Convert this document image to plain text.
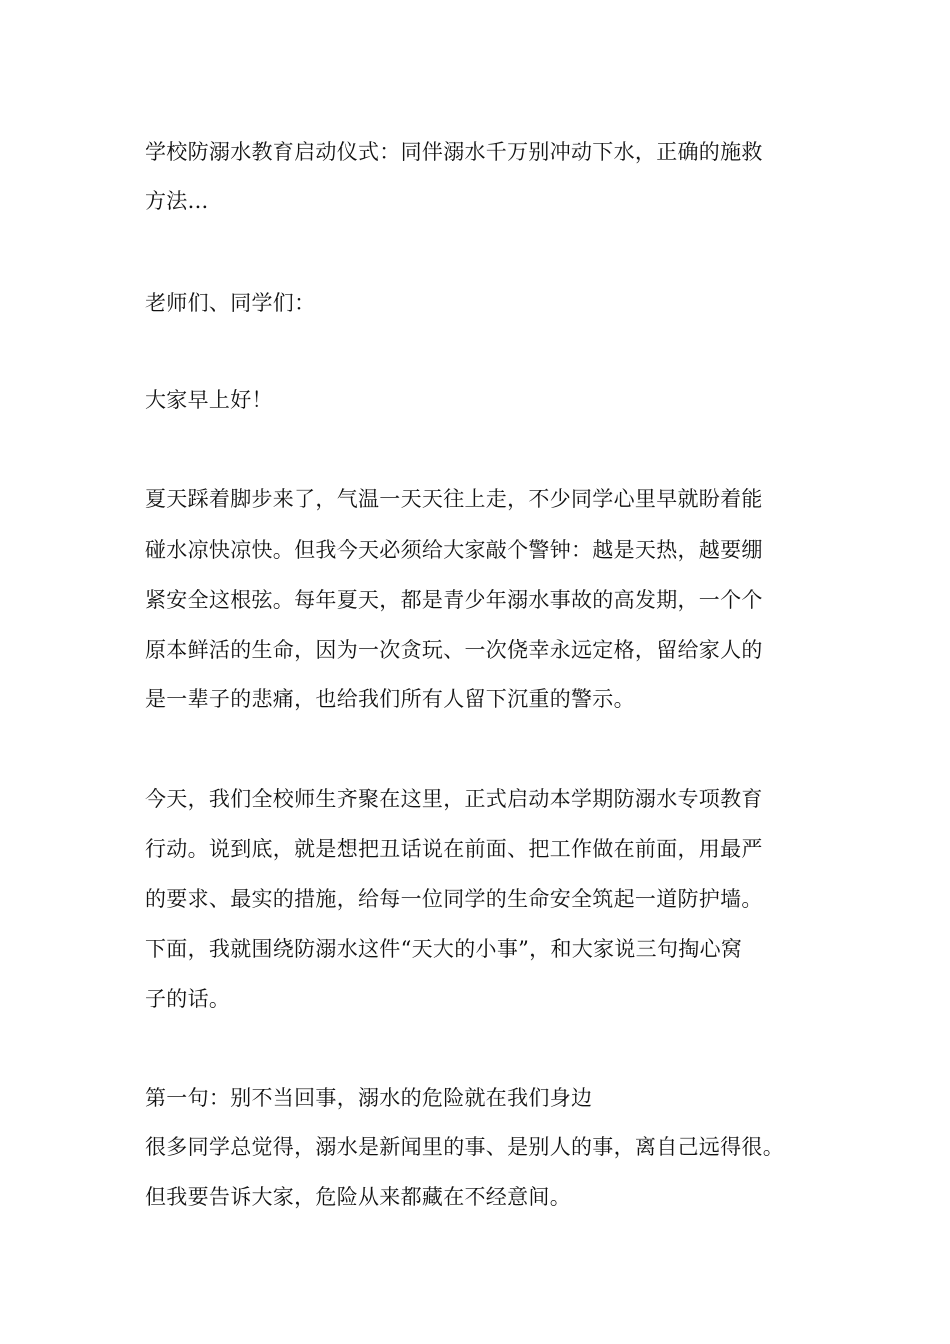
学校防溺水教育启动仪式：同伴溺水千万别冲动下水，正确的施救
方法...
老师们、同学们：
大家早上好！
夏天踩着脚步来了，气温一天天往上走，不少同学心里早就盼着能
碰水凉快凉快。但我今天必须给大家敲个警钟：越是天热，越要绷
紧安全这根弦。每年夏天，都是青少年溺水事故的高发期，一个个
原本鲜活的生命，因为一次贪玩、一次侥幸永远定格，留给家人的
是一辈子的悲痛，也给我们所有人留下沉重的警示。
今天，我们全校师生齐聚在这里，正式启动本学期防溺水专项教育
行动。说到底，就是想把丑话说在前面、把工作做在前面，用最严
的要求、最实的措施，给每一位同学的生命安全筑起一道防护墙。
下面，我就围绕防溺水这件“天大的小事”，和大家说三句掏心窝
子的话。
第一句：别不当回事，溺水的危险就在我们身边
很多同学总觉得，溺水是新闻里的事、是别人的事，离自己远得很。
但我要告诉大家，危险从来都藏在不经意间。
